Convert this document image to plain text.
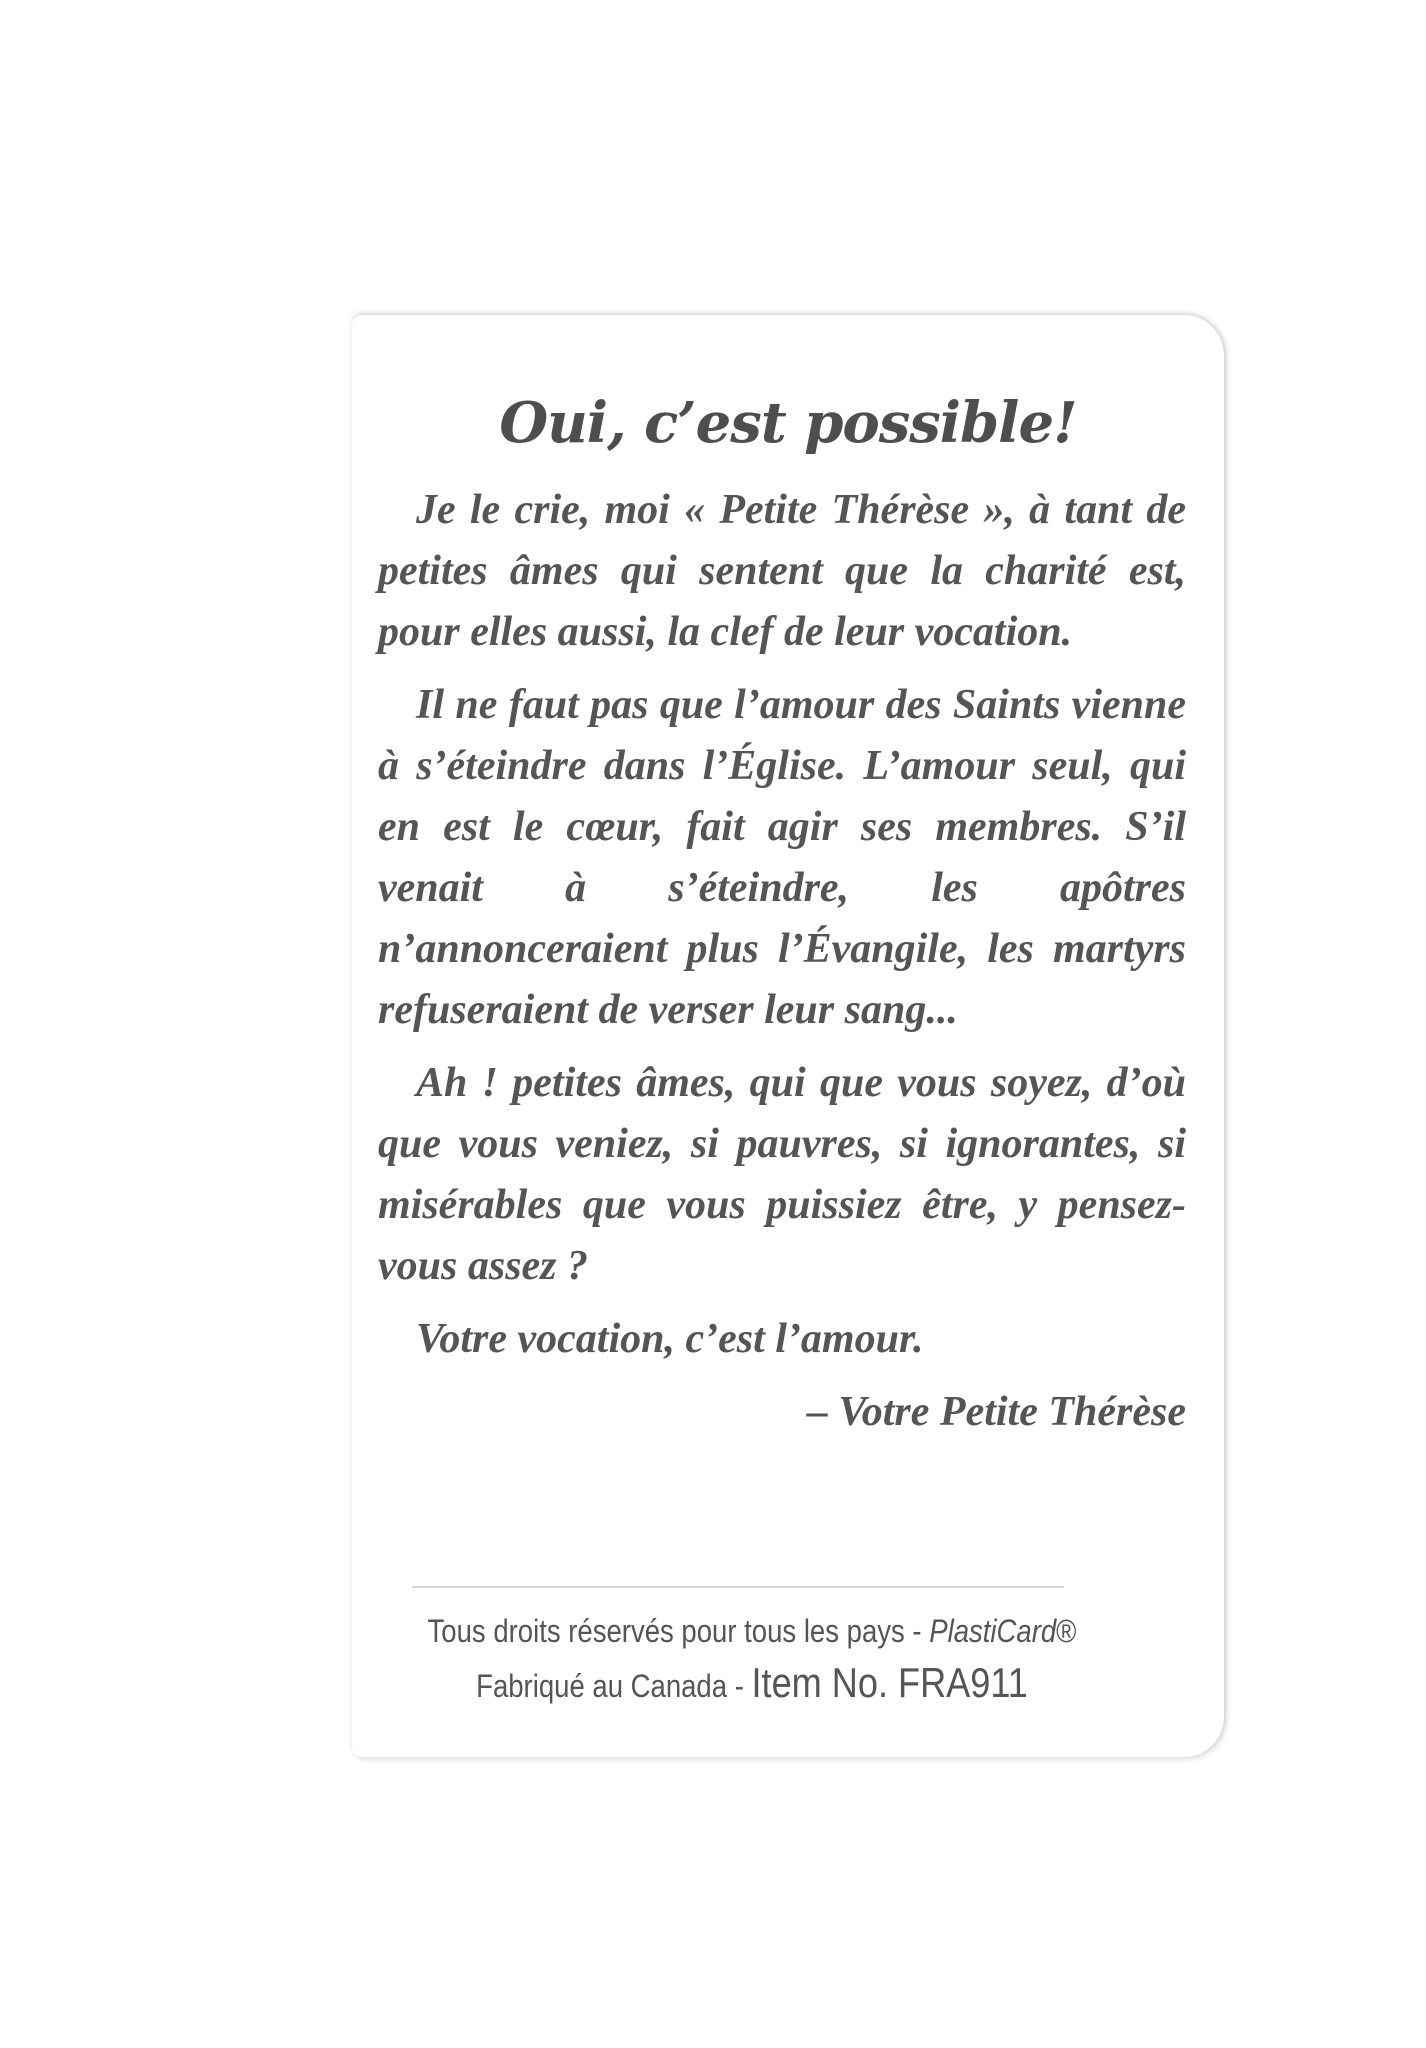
Oui, c’est possible!

Je le crie, moi « Petite Thérèse », à tant de petites âmes qui sentent que la charité est, pour elles aussi, la clef de leur vocation.

Il ne faut pas que l’amour des Saints vienne à s’éteindre dans l’Église. L’amour seul, qui en est le cœur, fait agir ses membres. S’il venait à s’éteindre, les apôtres n’annonceraient plus l’Évangile, les martyrs refuseraient de verser leur sang...

Ah ! petites âmes, qui que vous soyez, d’où que vous veniez, si pauvres, si ignorantes, si misérables que vous puissiez être, y pensez-vous assez ?

Votre vocation, c’est l’amour.

– Votre Petite Thérèse

Tous droits réservés pour tous les pays - PlastiCard®
Fabriqué au Canada - Item No. FRA911
